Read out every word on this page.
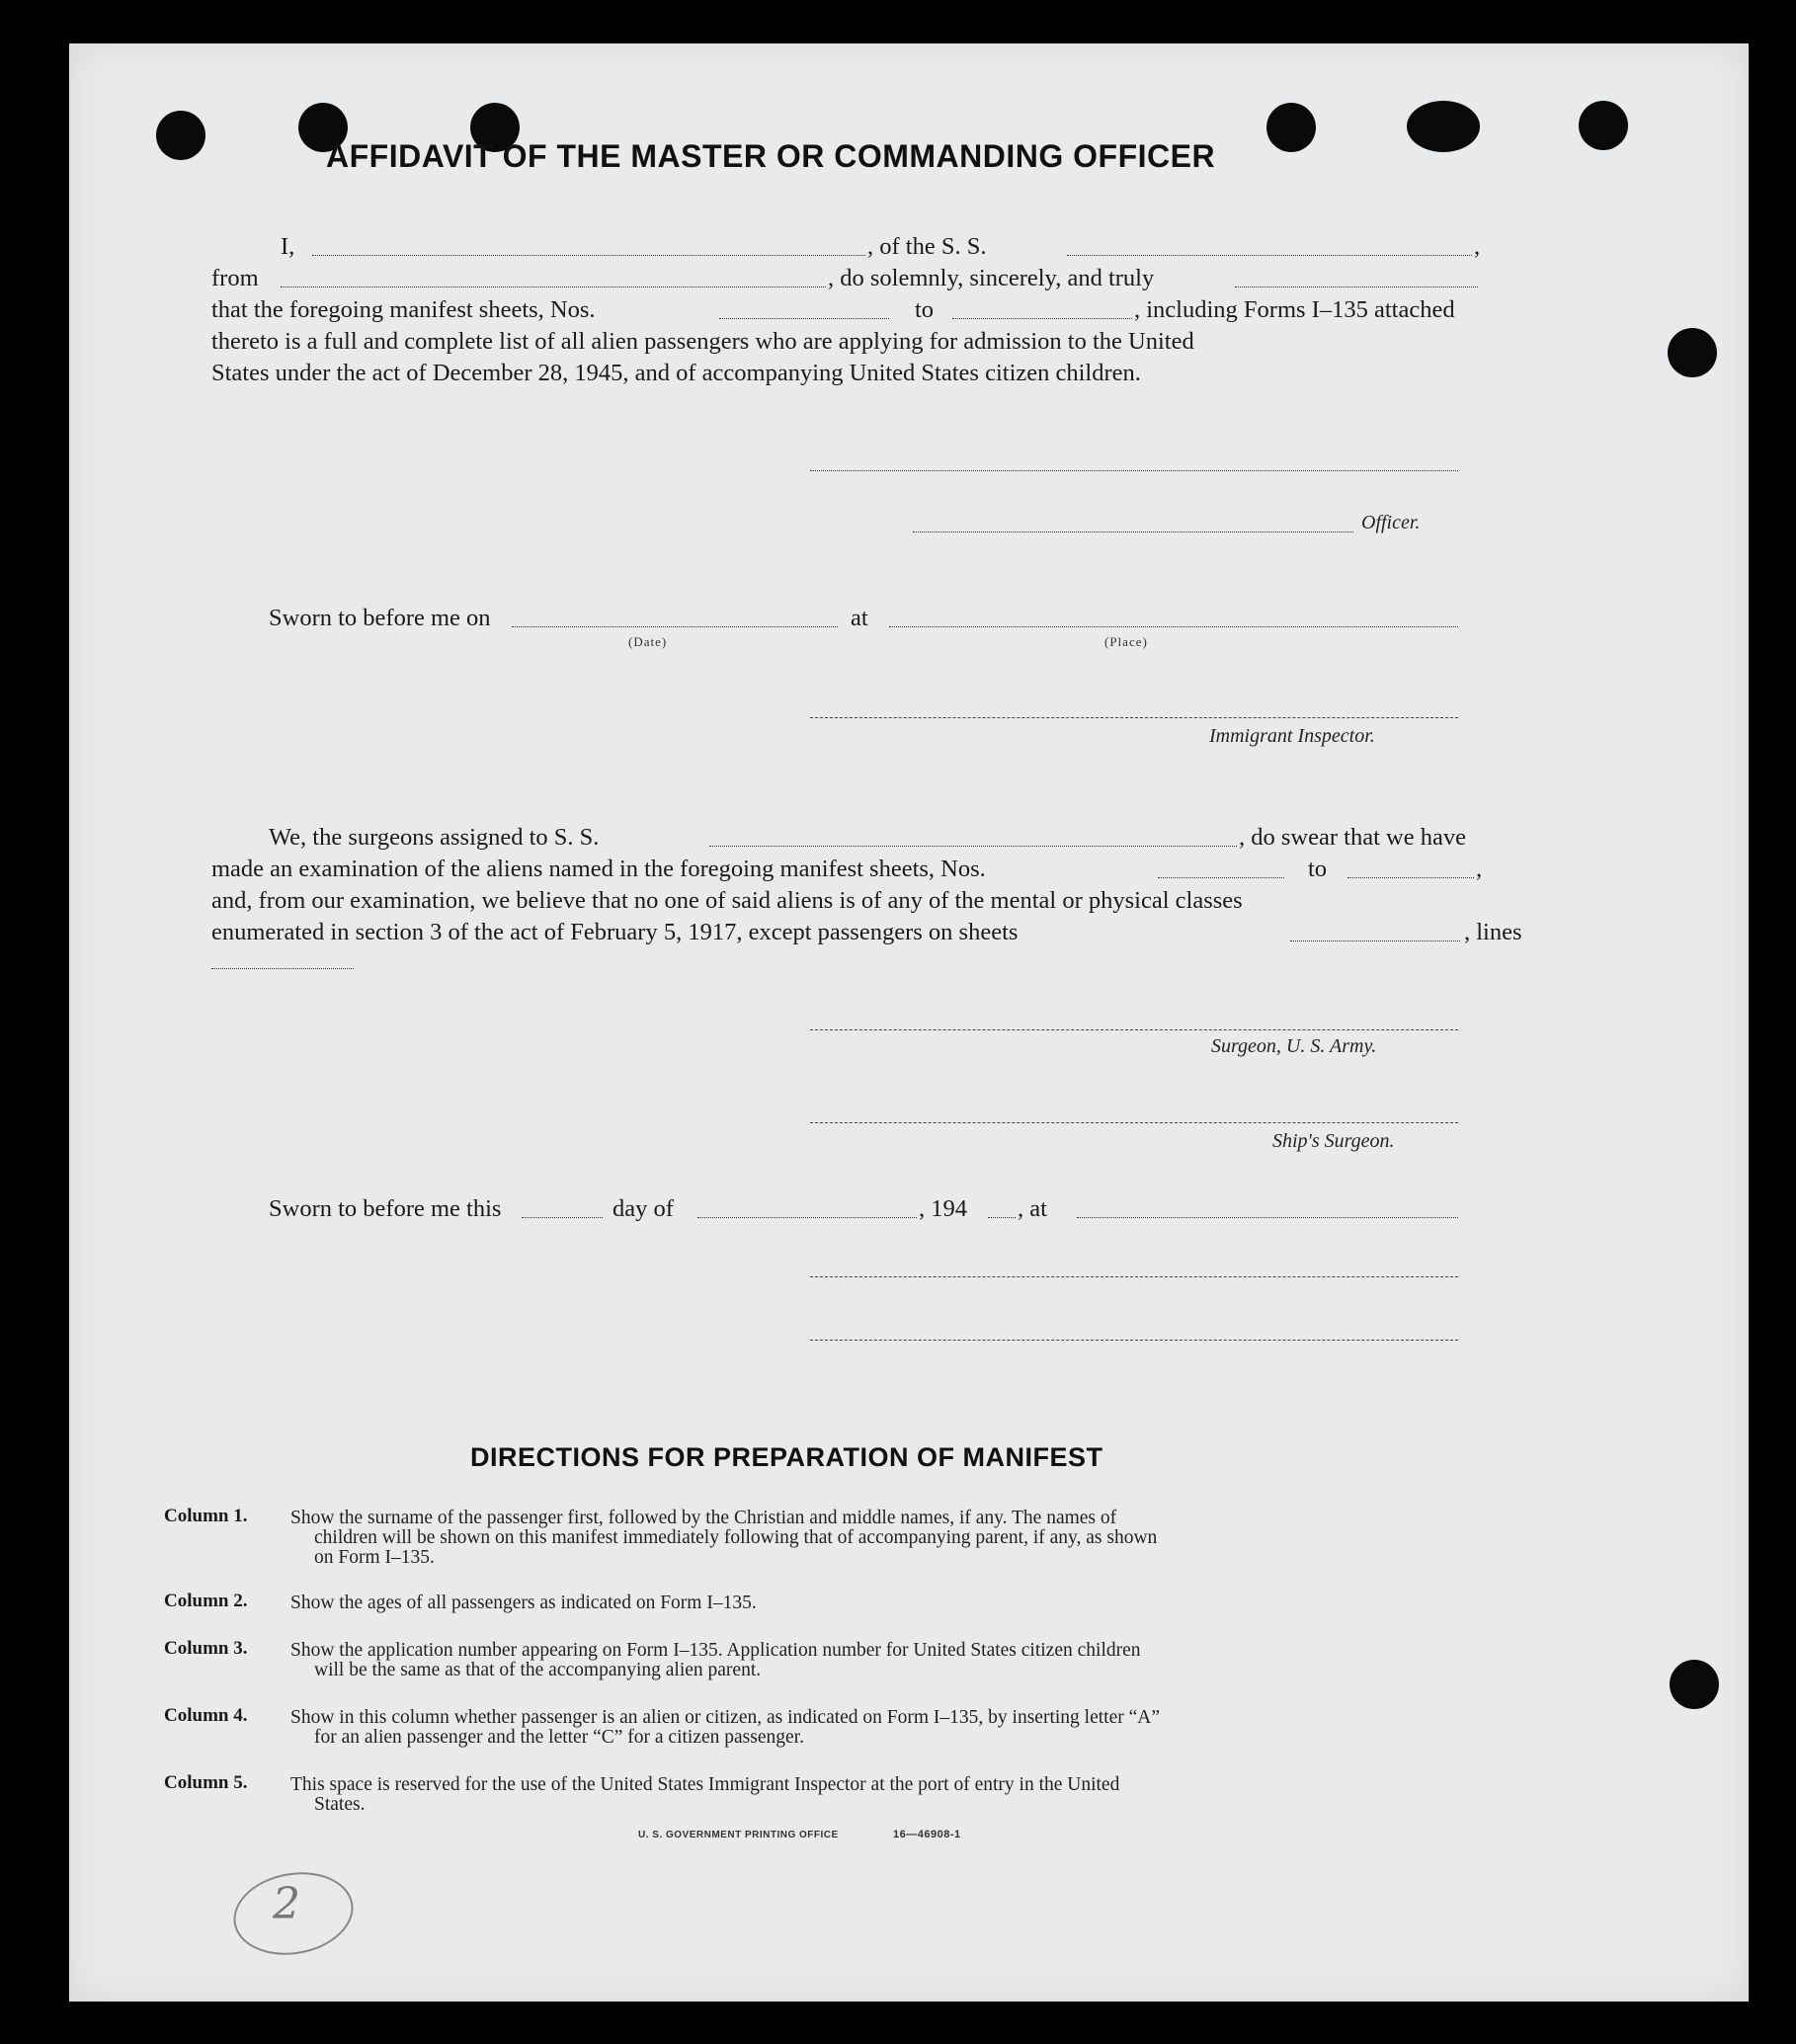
AFFIDAVIT OF THE MASTER OR COMMANDING OFFICER
I,	, of the S. S.	,
from	, do solemnly, sincerely, and truly
that the foregoing manifest sheets, Nos.	to	, including Forms I–135 attached
thereto is a full and complete list of all alien passengers who are applying for admission to the United
States under the act of December 28, 1945, and of accompanying United States citizen children.
Officer.
Sworn to before me on
(Date)
at
(Place)
Immigrant Inspector.
We, the surgeons assigned to S. S.	, do swear that we have
made an examination of the aliens named in the foregoing manifest sheets, Nos.	to	,
and, from our examination, we believe that no one of said aliens is of any of the mental or physical classes
enumerated in section 3 of the act of February 5, 1917, except passengers on sheets	, lines
Surgeon, U. S. Army.
Ship's Surgeon.
Sworn to before me this	day of	, 194 , at
DIRECTIONS FOR PREPARATION OF MANIFEST
Column 1. Show the surname of the passenger first, followed by the Christian and middle names, if any. The names of
children will be shown on this manifest immediately following that of accompanying parent, if any, as shown
on Form I–135.
Column 2. Show the ages of all passengers as indicated on Form I–135.
Column 3. Show the application number appearing on Form I–135. Application number for United States citizen children
will be the same as that of the accompanying alien parent.
Column 4. Show in this column whether passenger is an alien or citizen, as indicated on Form I–135, by inserting letter “A”
for an alien passenger and the letter “C” for a citizen passenger.
Column 5. This space is reserved for the use of the United States Immigrant Inspector at the port of entry in the United
States.
U. S. GOVERNMENT PRINTING OFFICE	16—46908-1
2
